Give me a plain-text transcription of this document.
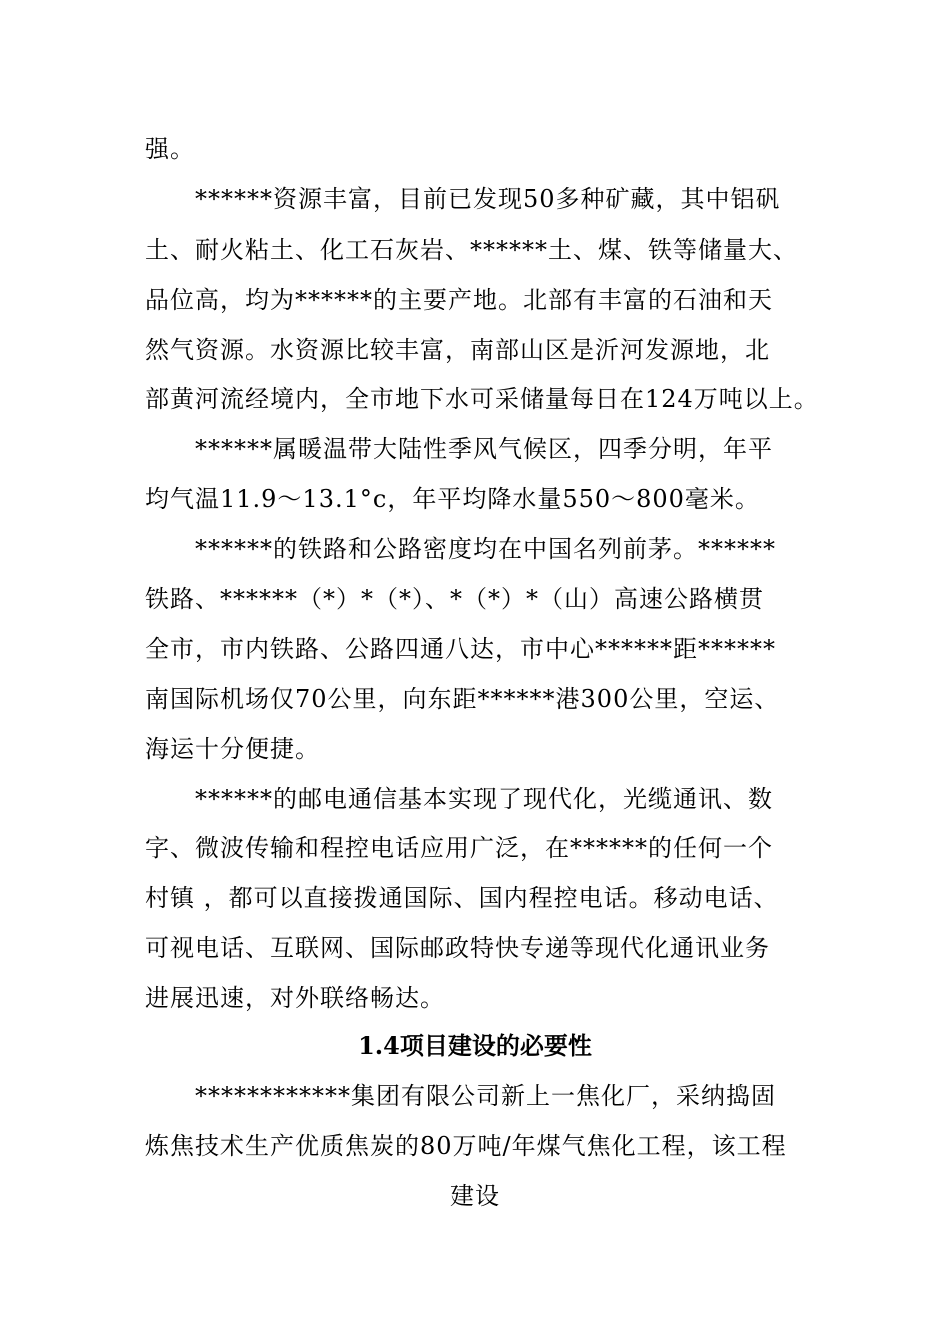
强。
　　******资源丰富，目前已发现50多种矿藏，其中铝矾
土、耐火粘土、化工石灰岩、******土、煤、铁等储量大、
品位高，均为******的主要产地。北部有丰富的石油和天
然气资源。水资源比较丰富，南部山区是沂河发源地，北
部黄河流经境内，全市地下水可采储量每日在124万吨以上。
　　******属暖温带大陆性季风气候区，四季分明，年平
均气温11.9～13.1°c，年平均降水量550～800毫米。
　　******的铁路和公路密度均在中国名列前茅。******
铁路、******（*）*（*）、*（*）*（山）高速公路横贯
全市，市内铁路、公路四通八达，市中心******距******
南国际机场仅70公里，向东距******港300公里，空运、
海运十分便捷。
　　******的邮电通信基本实现了现代化，光缆通讯、数
字、微波传输和程控电话应用广泛，在******的任何一个
村镇 ，都可以直接拨通国际、国内程控电话。移动电话、
可视电话、互联网、国际邮政特快专递等现代化通讯业务
进展迅速，对外联络畅达。
1.4项目建设的必要性
　　************集团有限公司新上一焦化厂，采纳捣固
炼焦技术生产优质焦炭的80万吨/年煤气焦化工程，该工程
建设
